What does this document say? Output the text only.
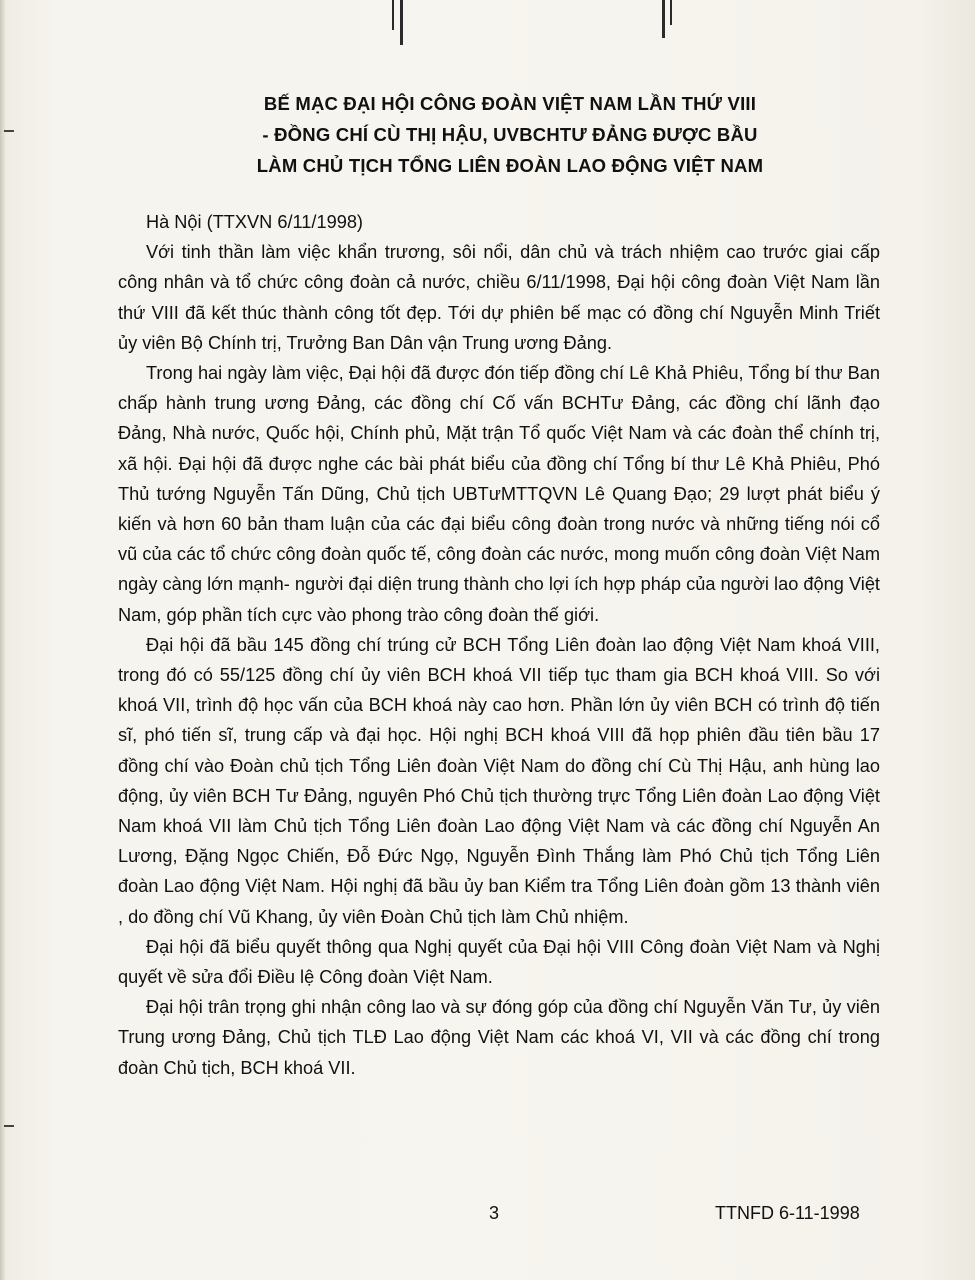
BẾ MẠC ĐẠI HỘI CÔNG ĐOÀN VIỆT NAM LẦN THỨ VIII
- ĐỒNG CHÍ CÙ THỊ HẬU, UVBCHTƯ ĐẢNG ĐƯỢC BẦU
LÀM CHỦ TỊCH TỔNG LIÊN ĐOÀN LAO ĐỘNG VIỆT NAM

Hà Nội (TTXVN 6/11/1998)

Với tinh thần làm việc khẩn trương, sôi nổi, dân chủ và trách nhiệm cao trước giai cấp công nhân và tổ chức công đoàn cả nước, chiều 6/11/1998, Đại hội công đoàn Việt Nam lần thứ VIII đã kết thúc thành công tốt đẹp. Tới dự phiên bế mạc có đồng chí Nguyễn Minh Triết ủy viên Bộ Chính trị, Trưởng Ban Dân vận Trung ương Đảng.

Trong hai ngày làm việc, Đại hội đã được đón tiếp đồng chí Lê Khả Phiêu, Tổng bí thư Ban chấp hành trung ương Đảng, các đồng chí Cố vấn BCHTư Đảng, các đồng chí lãnh đạo Đảng, Nhà nước, Quốc hội, Chính phủ, Mặt trận Tổ quốc Việt Nam và các đoàn thể chính trị, xã hội. Đại hội đã được nghe các bài phát biểu của đồng chí Tổng bí thư Lê Khả Phiêu, Phó Thủ tướng Nguyễn Tấn Dũng, Chủ tịch UBTưMTTQVN Lê Quang Đạo; 29 lượt phát biểu ý kiến và hơn 60 bản tham luận của các đại biểu công đoàn trong nước và những tiếng nói cổ vũ của các tổ chức công đoàn quốc tế, công đoàn các nước, mong muốn công đoàn Việt Nam ngày càng lớn mạnh- người đại diện trung thành cho lợi ích hợp pháp của người lao động Việt Nam, góp phần tích cực vào phong trào công đoàn thế giới.

Đại hội đã bầu 145 đồng chí trúng cử BCH Tổng Liên đoàn lao động Việt Nam khoá VIII, trong đó có 55/125 đồng chí ủy viên BCH khoá VII tiếp tục tham gia BCH khoá VIII. So với khoá VII, trình độ học vấn của BCH khoá này cao hơn. Phần lớn ủy viên BCH có trình độ tiến sĩ, phó tiến sĩ, trung cấp và đại học. Hội nghị BCH khoá VIII đã họp phiên đầu tiên bầu 17 đồng chí vào Đoàn chủ tịch Tổng Liên đoàn Việt Nam do đồng chí Cù Thị Hậu, anh hùng lao động, ủy viên BCH Tư Đảng, nguyên Phó Chủ tịch thường trực Tổng Liên đoàn Lao động Việt Nam khoá VII làm Chủ tịch Tổng Liên đoàn Lao động Việt Nam và các đồng chí Nguyễn An Lương, Đặng Ngọc Chiến, Đỗ Đức Ngọ, Nguyễn Đình Thắng làm Phó Chủ tịch Tổng Liên đoàn Lao động Việt Nam. Hội nghị đã bầu ủy ban Kiểm tra Tổng Liên đoàn gồm 13 thành viên , do đồng chí Vũ Khang, ủy viên Đoàn Chủ tịch làm Chủ nhiệm.

Đại hội đã biểu quyết thông qua Nghị quyết của Đại hội VIII Công đoàn Việt Nam và Nghị quyết về sửa đổi Điều lệ Công đoàn Việt Nam.

Đại hội trân trọng ghi nhận công lao và sự đóng góp của đồng chí Nguyễn Văn Tư, ủy viên Trung ương Đảng, Chủ tịch TLĐ Lao động Việt Nam các khoá VI, VII và các đồng chí trong đoàn Chủ tịch, BCH khoá VII.

3	TTNFD 6-11-1998
